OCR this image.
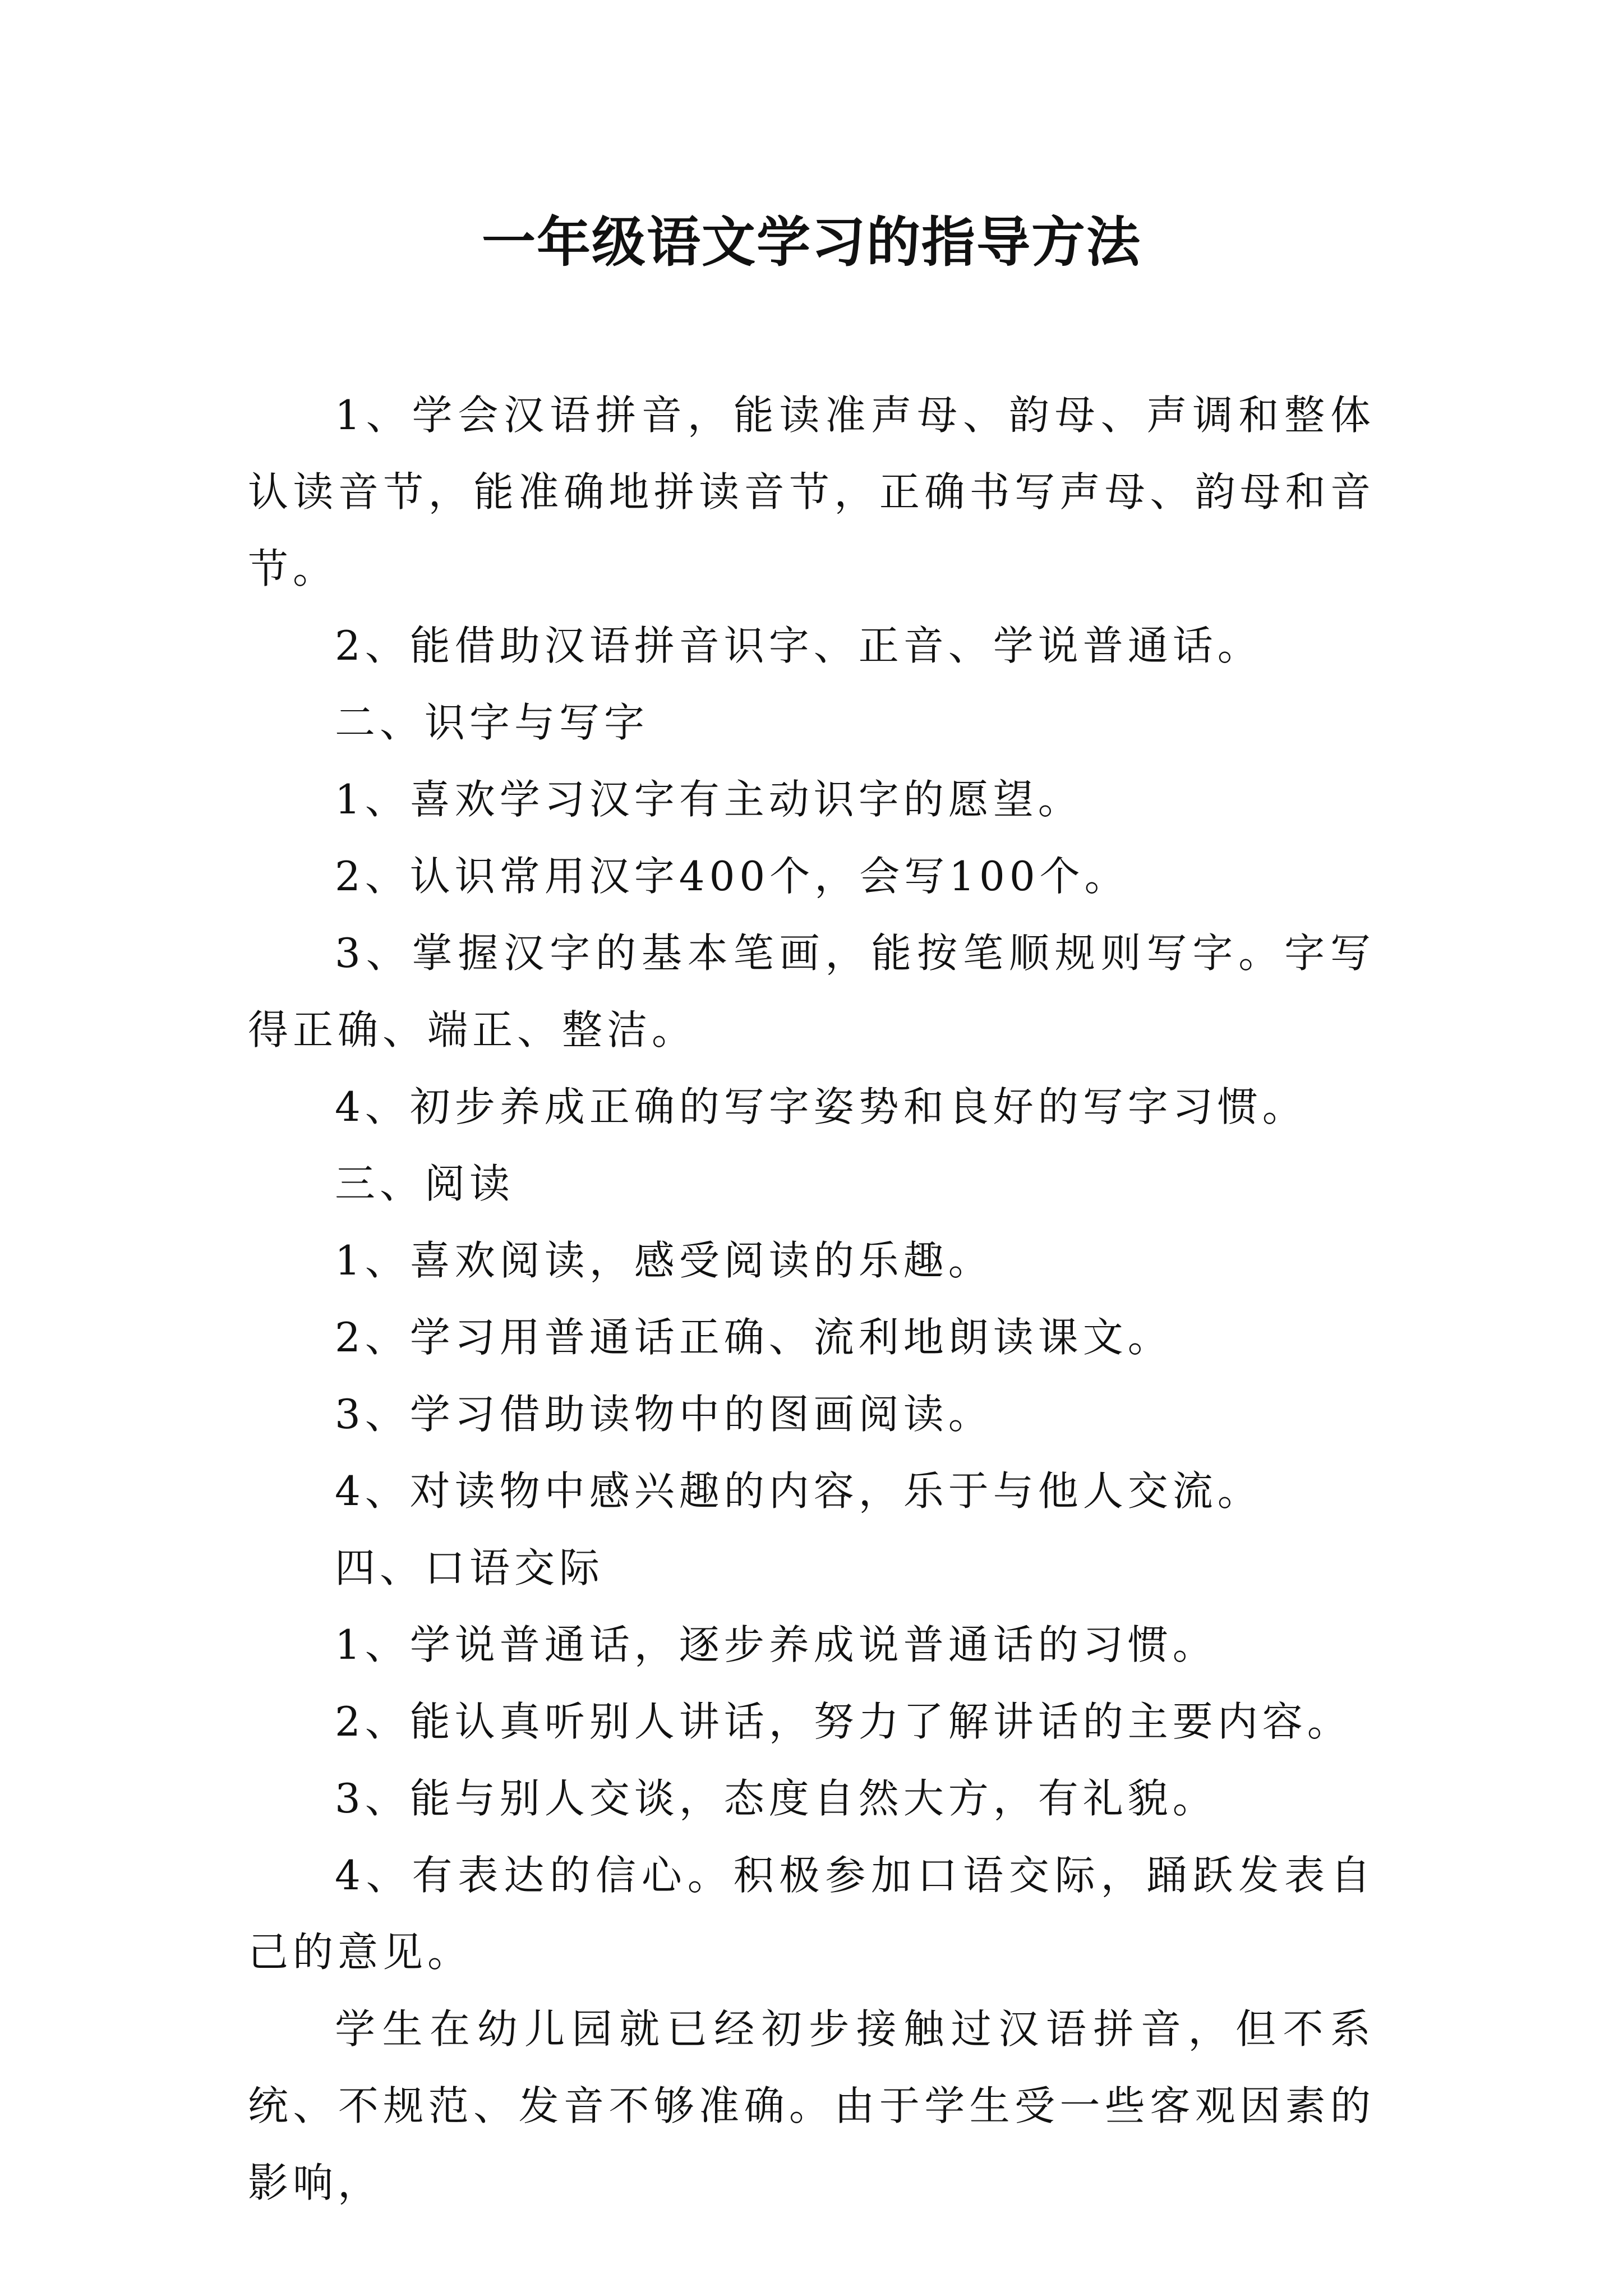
一年级语文学习的指导方法

1、学会汉语拼音，能读准声母、韵母、声调和整体认读音节，能准确地拼读音节，正确书写声母、韵母和音节。

2、能借助汉语拼音识字、正音、学说普通话。

二、识字与写字

1、喜欢学习汉字有主动识字的愿望。

2、认识常用汉字400个，会写100个。

3、掌握汉字的基本笔画，能按笔顺规则写字。字写得正确、端正、整洁。

4、初步养成正确的写字姿势和良好的写字习惯。

三、阅读

1、喜欢阅读，感受阅读的乐趣。

2、学习用普通话正确、流利地朗读课文。

3、学习借助读物中的图画阅读。

4、对读物中感兴趣的内容，乐于与他人交流。

四、口语交际

1、学说普通话，逐步养成说普通话的习惯。

2、能认真听别人讲话，努力了解讲话的主要内容。

3、能与别人交谈，态度自然大方，有礼貌。

4、有表达的信心。积极参加口语交际，踊跃发表自己的意见。

学生在幼儿园就已经初步接触过汉语拼音，但不系统、不规范、发音不够准确。由于学生受一些客观因素的影响，
